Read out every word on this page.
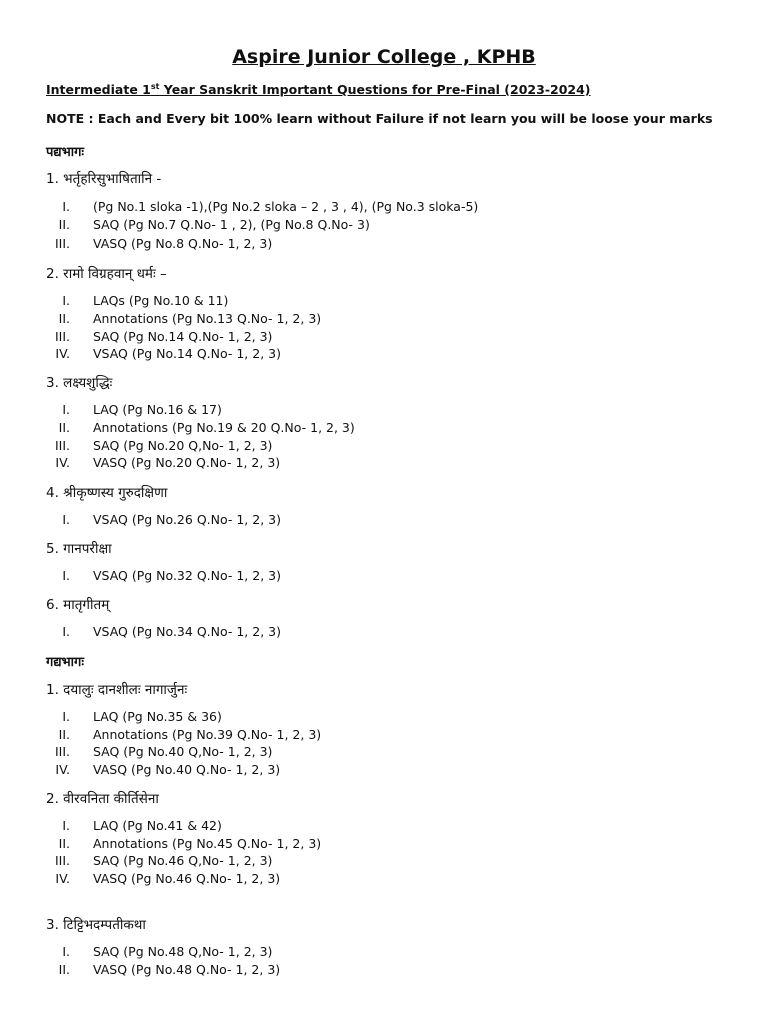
Aspire Junior College , KPHB

Intermediate 1st Year Sanskrit Important Questions for Pre-Final (2023-2024)

NOTE : Each and Every bit 100% learn without Failure if not learn you will be loose your marks

पद्यभागः

1. भर्तृहरिसुभाषितानि -

I. (Pg No.1 sloka -1),(Pg No.2 sloka – 2 , 3 , 4), (Pg No.3 sloka-5)
II. SAQ (Pg No.7 Q.No- 1 , 2), (Pg No.8 Q.No- 3)
III. VASQ (Pg No.8 Q.No- 1, 2, 3)

2. रामो विग्रहवान् धर्मः –

I. LAQs (Pg No.10 & 11)
II. Annotations (Pg No.13 Q.No- 1, 2, 3)
III. SAQ (Pg No.14 Q.No- 1, 2, 3)
IV. VSAQ (Pg No.14 Q.No- 1, 2, 3)

3. लक्ष्यशुद्धिः

I. LAQ (Pg No.16 & 17)
II. Annotations (Pg No.19 & 20 Q.No- 1, 2, 3)
III. SAQ (Pg No.20 Q,No- 1, 2, 3)
IV. VASQ (Pg No.20 Q.No- 1, 2, 3)

4. श्रीकृष्णस्य गुरुदक्षिणा

I. VSAQ (Pg No.26 Q.No- 1, 2, 3)

5. गानपरीक्षा

I. VSAQ (Pg No.32 Q.No- 1, 2, 3)

6. मातृगीतम्

I. VSAQ (Pg No.34 Q.No- 1, 2, 3)

गद्यभागः

1. दयालुः दानशीलः नागार्जुनः

I. LAQ (Pg No.35 & 36)
II. Annotations (Pg No.39 Q.No- 1, 2, 3)
III. SAQ (Pg No.40 Q,No- 1, 2, 3)
IV. VASQ (Pg No.40 Q.No- 1, 2, 3)

2. वीरवनिता कीर्तिसेना

I. LAQ (Pg No.41 & 42)
II. Annotations (Pg No.45 Q.No- 1, 2, 3)
III. SAQ (Pg No.46 Q,No- 1, 2, 3)
IV. VASQ (Pg No.46 Q.No- 1, 2, 3)

3. टिट्टिभदम्पतीकथा

I. SAQ (Pg No.48 Q,No- 1, 2, 3)
II. VASQ (Pg No.48 Q.No- 1, 2, 3)
